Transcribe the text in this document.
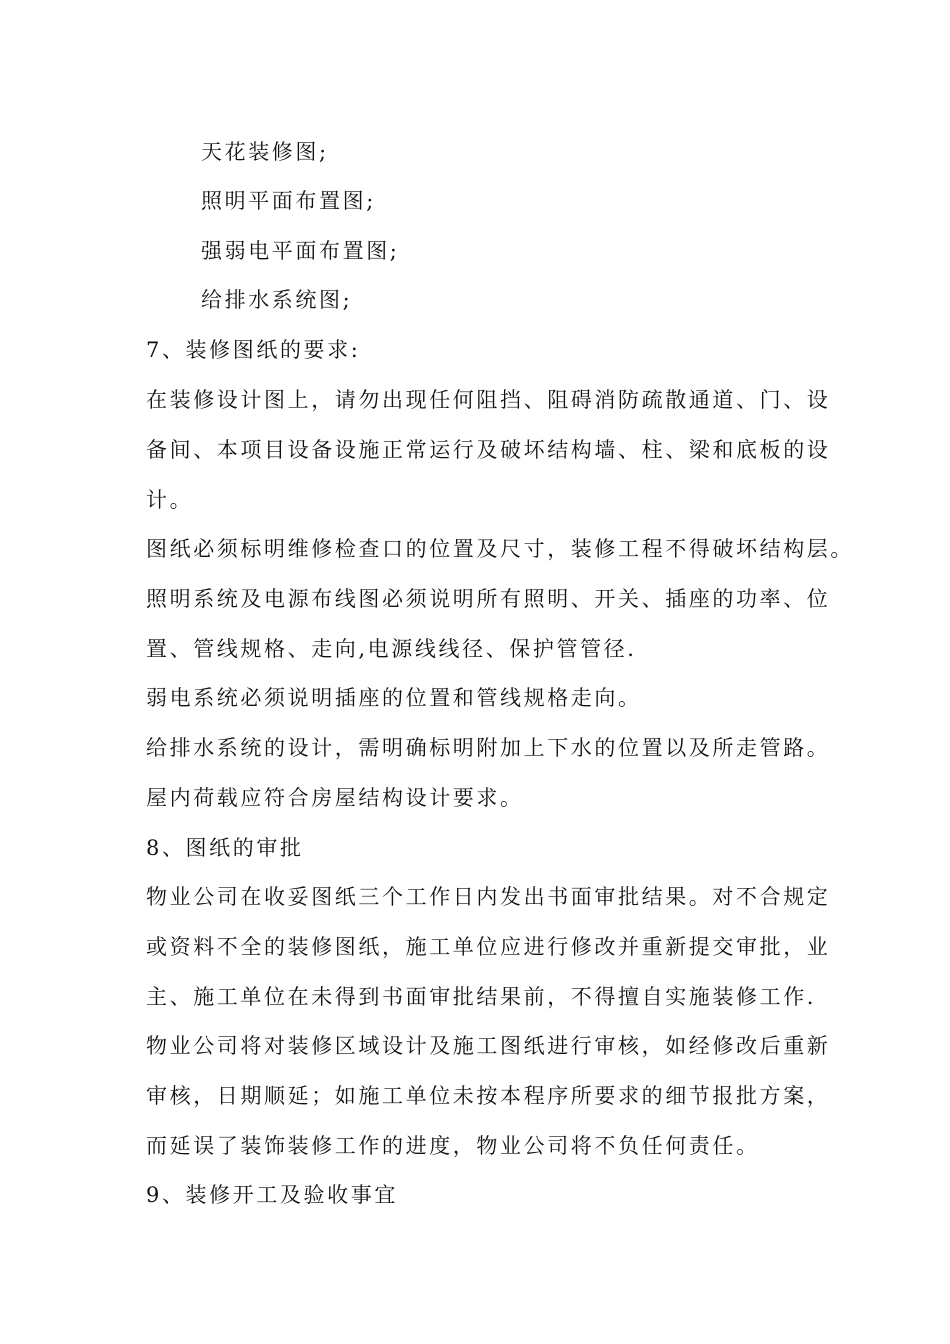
天花装修图;
照明平面布置图;
强弱电平面布置图;
给排水系统图;
7、装修图纸的要求:
在装修设计图上，请勿出现任何阻挡、阻碍消防疏散通道、门、设
备间、本项目设备设施正常运行及破坏结构墙、柱、梁和底板的设
计。
图纸必须标明维修检查口的位置及尺寸，装修工程不得破坏结构层。
照明系统及电源布线图必须说明所有照明、开关、插座的功率、位
置、管线规格、走向,电源线线径、保护管管径.
弱电系统必须说明插座的位置和管线规格走向。
给排水系统的设计，需明确标明附加上下水的位置以及所走管路。
屋内荷载应符合房屋结构设计要求。
8、图纸的审批
物业公司在收妥图纸三个工作日内发出书面审批结果。对不合规定
或资料不全的装修图纸，施工单位应进行修改并重新提交审批，业
主、施工单位在未得到书面审批结果前，不得擅自实施装修工作.
物业公司将对装修区域设计及施工图纸进行审核，如经修改后重新
审核，日期顺延；如施工单位未按本程序所要求的细节报批方案，
而延误了装饰装修工作的进度，物业公司将不负任何责任。
9、装修开工及验收事宜
